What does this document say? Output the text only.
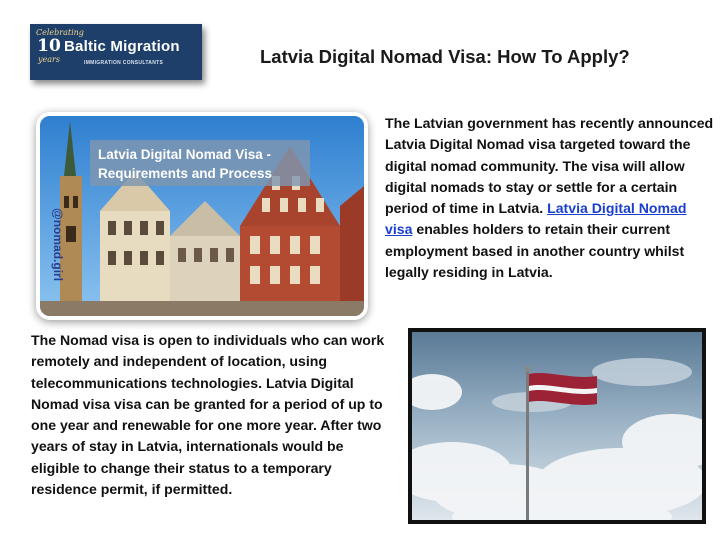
Celebrating
10
years
Baltic Migration
IMMIGRATION CONSULTANTS	Latvia Digital Nomad Visa: How To Apply?
Latvia Digital Nomad Visa -
Requirements and Process
@nomad.girl
The Latvian government has recently announced Latvia Digital Nomad visa targeted toward the digital nomad community. The visa will allow digital nomads to stay or settle for a certain period of time in Latvia. Latvia Digital Nomad visa enables holders to retain their current employment based in another country whilst legally residing in Latvia.
The Nomad visa is open to individuals who can work remotely and independent of location, using telecommunications technologies. Latvia Digital Nomad visa visa can be granted for a period of up to one year and renewable for one more year. After two years of stay in Latvia, internationals would be eligible to change their status to a temporary residence permit, if permitted.
